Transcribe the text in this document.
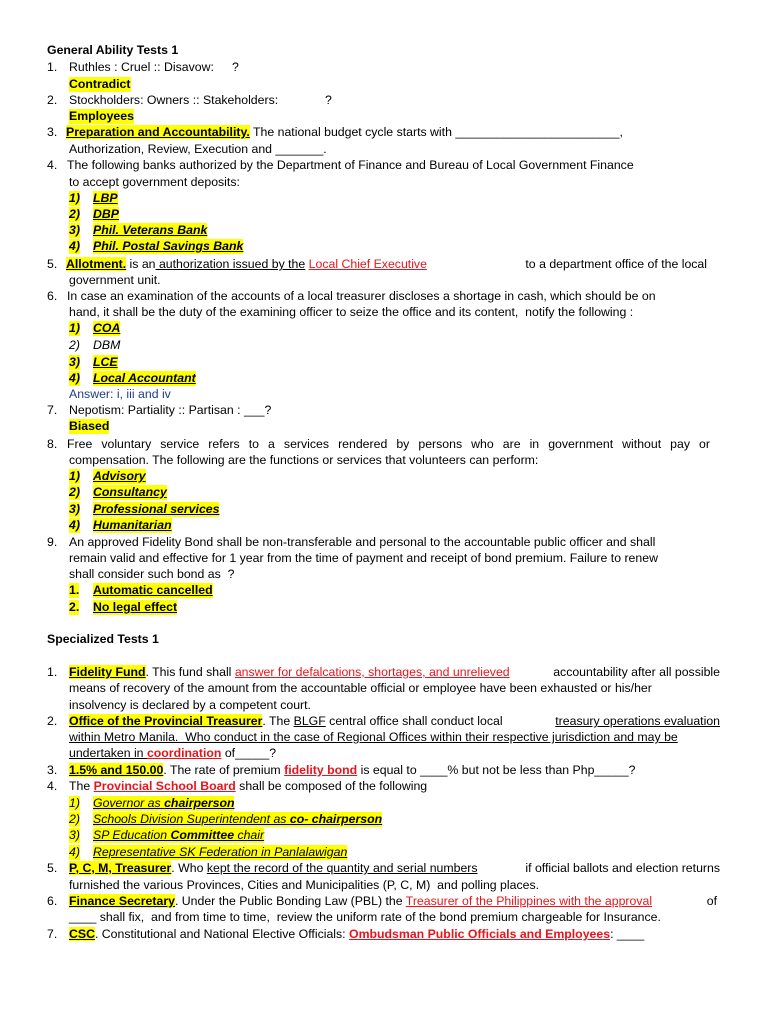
General Ability Tests 1
1. Ruthles : Cruel :: Disavow: ?
Contradict
2. Stockholders: Owners :: Stakeholders:	?
Employees
3. Preparation and Accountability. The national budget cycle starts with ________________________,
Authorization, Review, Execution and _______.
4. The following banks authorized by the Department of Finance and Bureau of Local Government Finance
to accept government deposits:
1) LBP
2) DBP
3) Phil. Veterans Bank
4) Phil. Postal Savings Bank
5. Allotment. is an authorization issued by the Local Chief Executive	to a department office of the local
government unit.
6. In case an examination of the accounts of a local treasurer discloses a shortage in cash, which should be on
hand, it shall be the duty of the examining officer to seize the office and its content,  notify the following :
1) COA
2) DBM
3) LCE
4) Local Accountant
Answer: i, iii and iv
7. Nepotism: Partiality :: Partisan : ___?
Biased
8. Free voluntary service refers to a services rendered by persons who are in government without pay or
compensation. The following are the functions or services that volunteers can perform:
1) Advisory
2) Consultancy
3) Professional services
4) Humanitarian
9. An approved Fidelity Bond shall be non-transferable and personal to the accountable public officer and shall
remain valid and effective for 1 year from the time of payment and receipt of bond premium. Failure to renew
shall consider such bond as  ?
1. Automatic cancelled
2. No legal effect
Specialized Tests 1
1. Fidelity Fund. This fund shall answer for defalcations, shortages, and unrelieved	accountability after all possible
means of recovery of the amount from the accountable official or employee have been exhausted or his/her
insolvency is declared by a competent court.
2. Office of the Provincial Treasurer. The BLGF central office shall conduct local	treasury operations evaluation
within Metro Manila.  Who conduct in the case of Regional Offices within their respective jurisdiction and may be
undertaken in coordination of_____?
3. 1.5% and 150.00. The rate of premium fidelity bond is equal to ____% but not be less than Php_____?
4. The Provincial School Board shall be composed of the following
1) Governor as chairperson
2) Schools Division Superintendent as co- chairperson
3) SP Education Committee chair
4) Representative SK Federation in Panlalawigan
5. P, C, M, Treasurer. Who kept the record of the quantity and serial numbers	if official ballots and election returns
furnished the various Provinces, Cities and Municipalities (P, C, M)  and polling places.
6. Finance Secretary. Under the Public Bonding Law (PBL) the Treasurer of the Philippines with the approval	of
____ shall fix,  and from time to time,  review the uniform rate of the bond premium chargeable for Insurance.
7. CSC. Constitutional and National Elective Officials: Ombudsman Public Officials and Employees: ____
